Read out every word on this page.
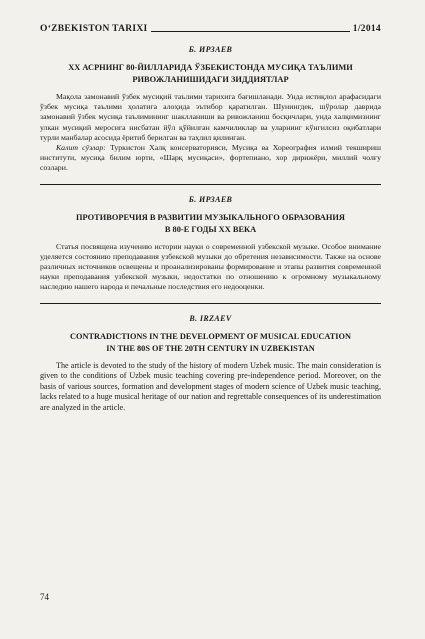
O‘ZBEKISTON TARIXI	1/2014
Б. ИРЗАЕВ
ХХ АСРНИНГ 80-ЙИЛЛАРИДА ЎЗБЕКИСТОНДА МУСИҚА ТАЪЛИМИ
РИВОЖЛАНИШИДАГИ ЗИДДИЯТЛАР

Мақола замонавий ўзбек мусиқий таълими тарихига бағишланади. Унда истиқлол арафасидаги ўзбек мусиқа таълими ҳолатига алоҳида эътибор қаратилган. Шунингдек, шўролар даврида замонавий ўзбек мусиқа таълимининг шаклланиши ва ривожланиш босқичлари, унда халқимизнинг улкан мусиқий меросига нисбатан йўл қўйилган камчиликлар ва уларнинг кўнгилсиз оқибатлари турли манбалар асосида ёритиб берилган ва таҳлил қилинган.

Калит сўзлар: Туркистон Халқ консерваторияси, Мусиқа ва Хореография илмий текшириш институти, мусиқа билим юрти, «Шарқ мусиқаси», фортепиано, хор дирижёри, миллий чолғу созлари.

Б. ИРЗАЕВ
ПРОТИВОРЕЧИЯ В РАЗВИТИИ МУЗЫКАЛЬНОГО ОБРАЗОВАНИЯ
В 80-Е ГОДЫ XX ВЕКА

Статья посвящена изучению истории науки о современной узбекской музыке. Особое внимание уделяется состоянию преподавания узбекской музыки до обретения независимости. Также на основе различных источников освещены и проанализированы формирование и этапы развития современной науки преподавания узбекской музыки, недостатки по отношению к огромному музыкальному наследию нашего народа и печальные последствия его недооценки.

B. IRZAEV
CONTRADICTIONS IN THE DEVELOPMENT OF MUSICAL EDUCATION
IN THE 80S OF THE 20TH CENTURY IN UZBEKISTAN

The article is devoted to the study of the history of modern Uzbek music. The main consideration is given to the conditions of Uzbek music teaching covering pre-independence period. Moreover, on the basis of various sources, formation and development stages of modern science of Uzbek music teaching, lacks related to a huge musical heritage of our nation and regrettable consequences of its underestimation are analyzed in the article.

74
